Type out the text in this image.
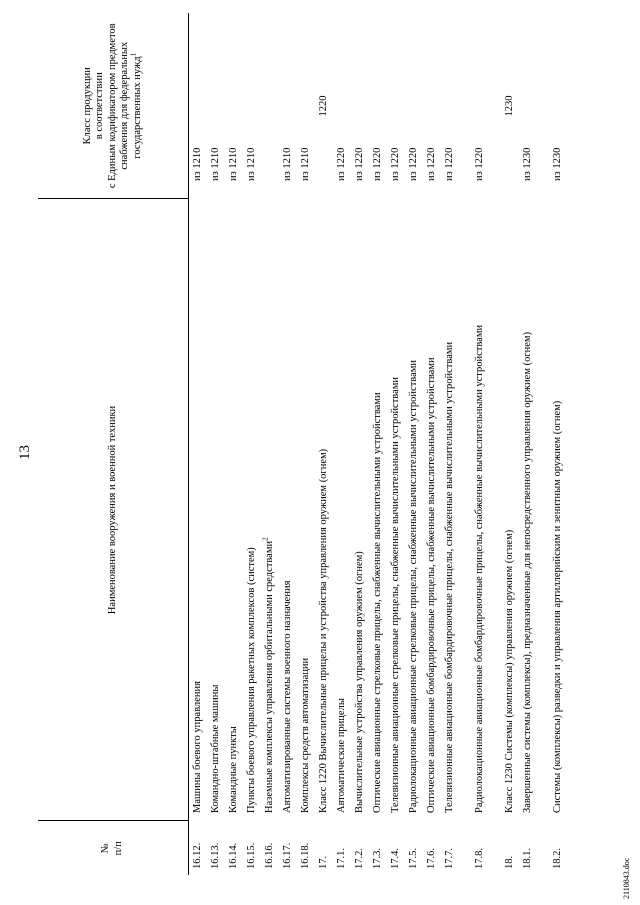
13
№
п/п	Наименование вооружения и военной техники	Класс продукции
в соответствии
с Единым кодификатором предметов
снабжения для федеральных
государственных нужд$^1$
16.12.	Машины боевого управления	из 1210
16.13.	Командно-штабные машины	из 1210
16.14.	Командные пункты	из 1210
16.15.	Пункты боевого управления ракетных комплексов (систем)	из 1210
16.16.	Наземные комплексы управления орбитальными средствами$^2$	
16.17.	Автоматизированные системы военного назначения	из 1210
16.18.	Комплексы средств автоматизации	из 1210
17.	Класс 1220 Вычислительные прицелы и устройства управления оружием (огнем)	1220
17.1.	Автоматические прицелы	из 1220
17.2.	Вычислительные устройства управления оружием (огнем)	из 1220
17.3.	Оптические авиационные стрелковые прицелы, снабженные вычислительными устройствами	из 1220
17.4.	Телевизионные авиационные стрелковые прицелы, снабженные вычислительными устройствами	из 1220
17.5.	Радиолокационные авиационные стрелковые прицелы, снабженные вычислительными устройствами	из 1220
17.6.	Оптические авиационные бомбардировочные прицелы, снабженные вычислительными устройствами	из 1220
17.7.	Телевизионные авиационные бомбардировочные прицелы, снабженные вычислительными устройствами	из 1220
17.8.	Радиолокационные авиационные бомбардировочные прицелы, снабженные вычислительными устройствами	из 1220
18.	Класс 1230 Системы (комплексы) управления оружием (огнем)	1230
18.1.	Завершенные системы (комплексы), предназначенные для непосредственного управления оружием (огнем)	из 1230
18.2.	Системы (комплексы) разведки и управления артиллерийским и зенитным оружием (огнем)	из 1230
2110843.doc
